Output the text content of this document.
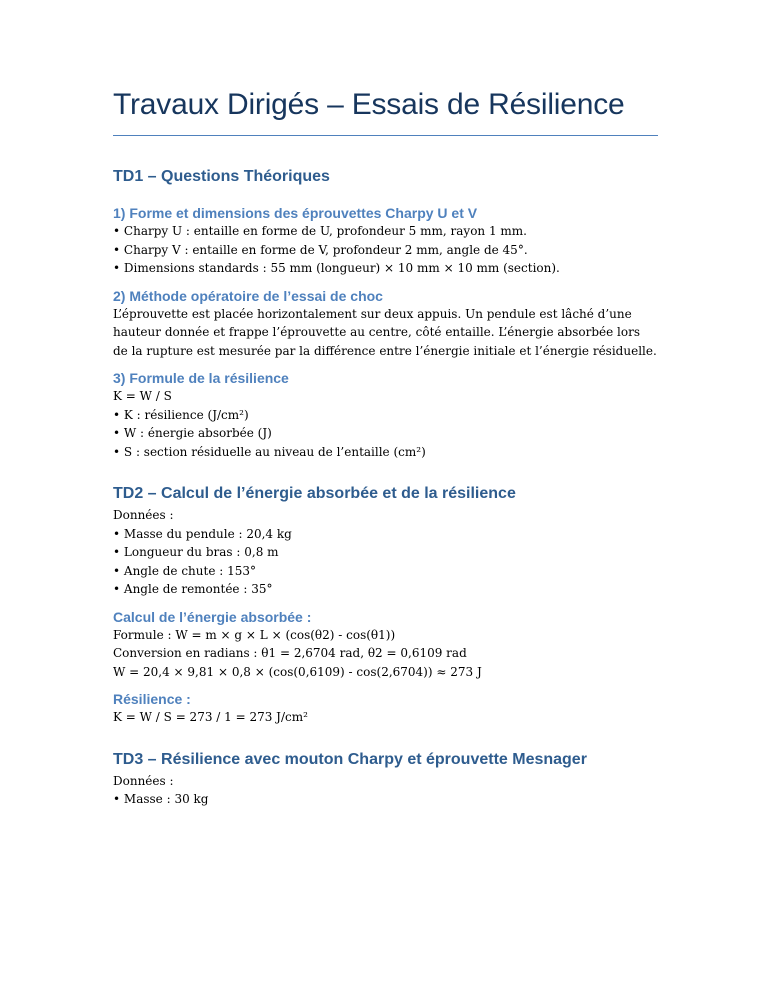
Travaux Dirigés – Essais de Résilience
TD1 – Questions Théoriques
1) Forme et dimensions des éprouvettes Charpy U et V
• Charpy U : entaille en forme de U, profondeur 5 mm, rayon 1 mm.
• Charpy V : entaille en forme de V, profondeur 2 mm, angle de 45°.
• Dimensions standards : 55 mm (longueur) × 10 mm × 10 mm (section).
2) Méthode opératoire de l’essai de choc
L’éprouvette est placée horizontalement sur deux appuis. Un pendule est lâché d’une hauteur donnée et frappe l’éprouvette au centre, côté entaille. L’énergie absorbée lors de la rupture est mesurée par la différence entre l’énergie initiale et l’énergie résiduelle.
3) Formule de la résilience
K = W / S
• K : résilience (J/cm²)
• W : énergie absorbée (J)
• S : section résiduelle au niveau de l’entaille (cm²)
TD2 – Calcul de l’énergie absorbée et de la résilience
Données :
• Masse du pendule : 20,4 kg
• Longueur du bras : 0,8 m
• Angle de chute : 153°
• Angle de remontée : 35°
Calcul de l’énergie absorbée :
Formule : W = m × g × L × (cos(θ2) - cos(θ1))
Conversion en radians : θ1 = 2,6704 rad, θ2 = 0,6109 rad
W = 20,4 × 9,81 × 0,8 × (cos(0,6109) - cos(2,6704)) ≈ 273 J
Résilience :
K = W / S = 273 / 1 = 273 J/cm²
TD3 – Résilience avec mouton Charpy et éprouvette Mesnager
Données :
• Masse : 30 kg
